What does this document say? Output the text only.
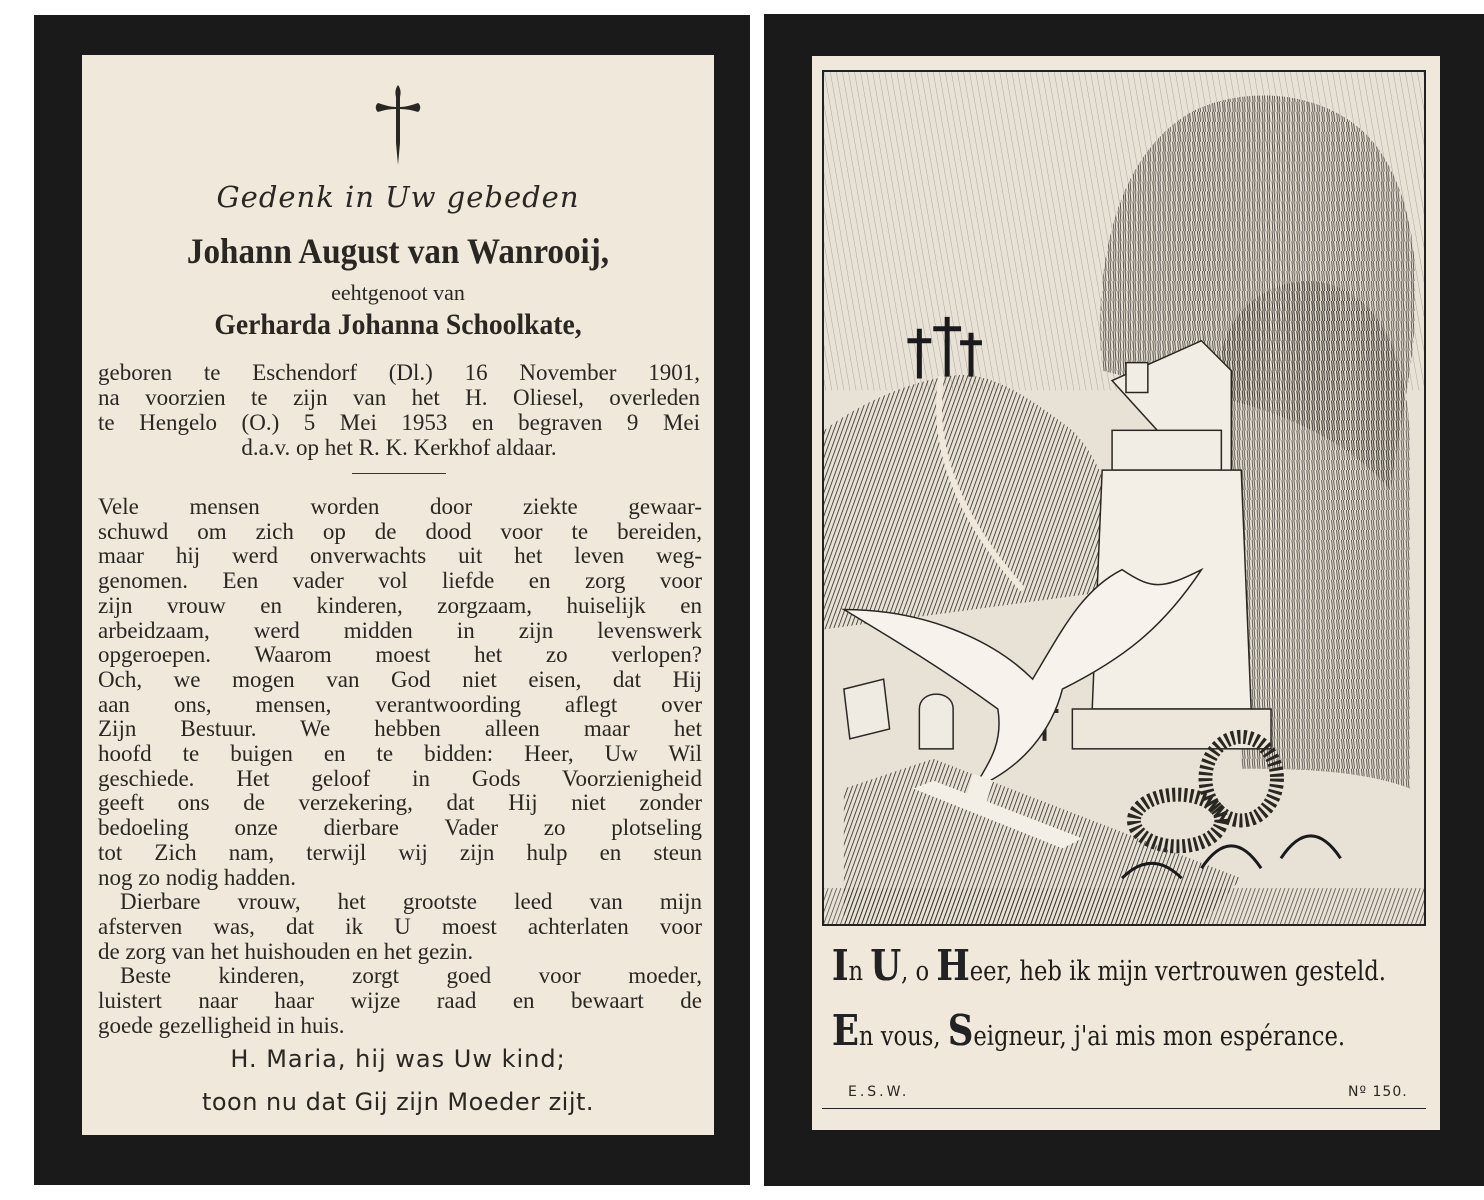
Gedenk in Uw gebeden
Johann August van Wanrooij,
eehtgenoot van
Gerharda Johanna Schoolkate,
geboren te Eschendorf (Dl.) 16 November 1901,
na voorzien te zijn van het H. Oliesel, overleden
te Hengelo (O.) 5 Mei 1953 en begraven 9 Mei
d.a.v. op het R. K. Kerkhof aldaar.
Vele mensen worden door ziekte gewaar-
schuwd om zich op de dood voor te bereiden,
maar hij werd onverwachts uit het leven weg-
genomen. Een vader vol liefde en zorg voor
zijn vrouw en kinderen, zorgzaam, huiselijk en
arbeidzaam, werd midden in zijn levenswerk
opgeroepen. Waarom moest het zo verlopen?
Och, we mogen van God niet eisen, dat Hij
aan ons, mensen, verantwoording aflegt over
Zijn Bestuur. We hebben alleen maar het
hoofd te buigen en te bidden: Heer, Uw Wil
geschiede. Het geloof in Gods Voorzienigheid
geeft ons de verzekering, dat Hij niet zonder
bedoeling onze dierbare Vader zo plotseling
tot Zich nam, terwijl wij zijn hulp en steun
nog zo nodig hadden.
Dierbare vrouw, het grootste leed van mijn
afsterven was, dat ik U moest achterlaten voor
de zorg van het huishouden en het gezin.
Beste kinderen, zorgt goed voor moeder,
luistert naar haar wijze raad en bewaart de
goede gezelligheid in huis.
H. Maria, hij was Uw kind;
toon nu dat Gij zijn Moeder zijt.
In U, o Heer, heb ik mijn vertrouwen gesteld.
En vous, Seigneur, j'ai mis mon espérance.
E.S.W.	Nº 150.
